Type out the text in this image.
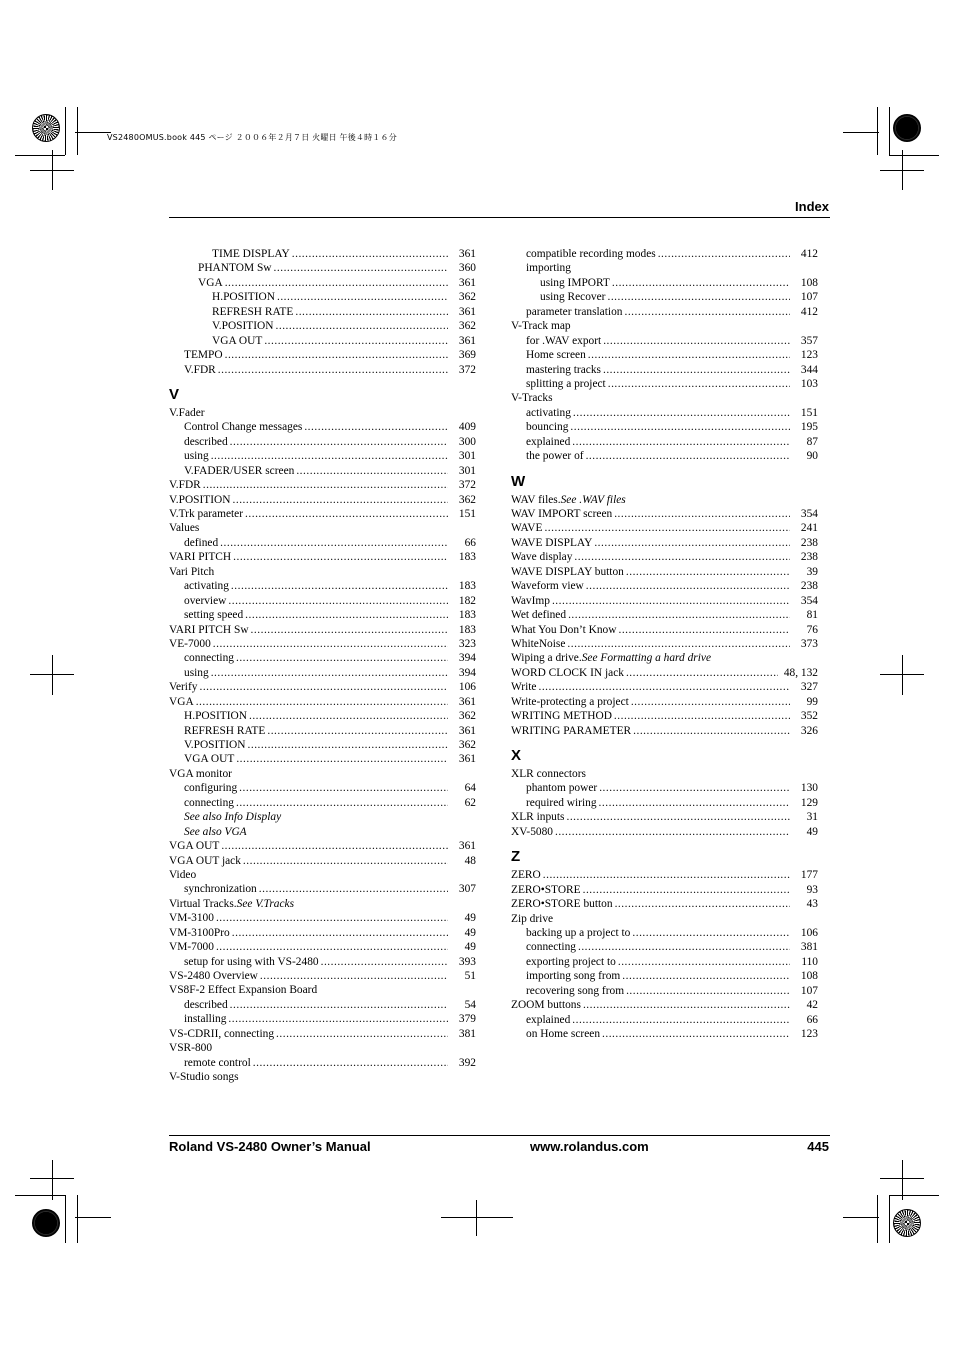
VS2480OMUS.book 445 ページ ２００６年２月７日 火曜日 午後４時１６分
Index
TIME DISPLAY .....	361
PHANTOM Sw .....	360
VGA .....	361
H.POSITION .....	362
REFRESH RATE .....	361
V.POSITION .....	362
VGA OUT .....	361
TEMPO .....	369
V.FDR .....	372
V
V.Fader
Control Change messages .....	409
described .....	300
using .....	301
V.FADER/USER screen .....	301
V.FDR .....	372
V.POSITION .....	362
V.Trk parameter .....	151
Values
defined .....	66
VARI PITCH .....	183
Vari Pitch
activating .....	183
overview .....	182
setting speed .....	183
VARI PITCH Sw .....	183
VE-7000 .....	323
connecting .....	394
using .....	394
Verify .....	106
VGA .....	361
H.POSITION .....	362
REFRESH RATE .....	361
V.POSITION .....	362
VGA OUT .....	361
VGA monitor
configuring .....	64
connecting .....	62
See also Info Display
See also VGA
VGA OUT .....	361
VGA OUT jack .....	48
Video
synchronization .....	307
Virtual Tracks. See V.Tracks
VM-3100 .....	49
VM-3100Pro .....	49
VM-7000 .....	49
setup for using with VS-2480 .....	393
VS-2480 Overview .....	51
VS8F-2 Effect Expansion Board
described .....	54
installing .....	379
VS-CDRII, connecting .....	381
VSR-800
remote control .....	392
V-Studio songs
compatible recording modes .....	412
importing
using IMPORT .....	108
using Recover .....	107
parameter translation .....	412
V-Track map
for .WAV export .....	357
Home screen .....	123
mastering tracks .....	344
splitting a project .....	103
V-Tracks
activating .....	151
bouncing .....	195
explained .....	87
the power of .....	90
W
WAV files. See .WAV files
WAV IMPORT screen .....	354
WAVE .....	241
WAVE DISPLAY .....	238
Wave display .....	238
WAVE DISPLAY button .....	39
Waveform view .....	238
WavImp .....	354
Wet defined .....	81
What You Don’t Know .....	76
WhiteNoise .....	373
Wiping a drive. See Formatting a hard drive
WORD CLOCK IN jack .....	48, 132
Write .....	327
Write-protecting a project .....	99
WRITING METHOD .....	352
WRITING PARAMETER .....	326
X
XLR connectors
phantom power .....	130
required wiring .....	129
XLR inputs .....	31
XV-5080 .....	49
Z
ZERO .....	177
ZERO•STORE .....	93
ZERO•STORE button .....	43
Zip drive
backing up a project to .....	106
connecting .....	381
exporting project to .....	110
importing song from .....	108
recovering song from .....	107
ZOOM buttons .....	42
explained .....	66
on Home screen .....	123
Roland VS-2480 Owner’s Manual	www.rolandus.com	445
